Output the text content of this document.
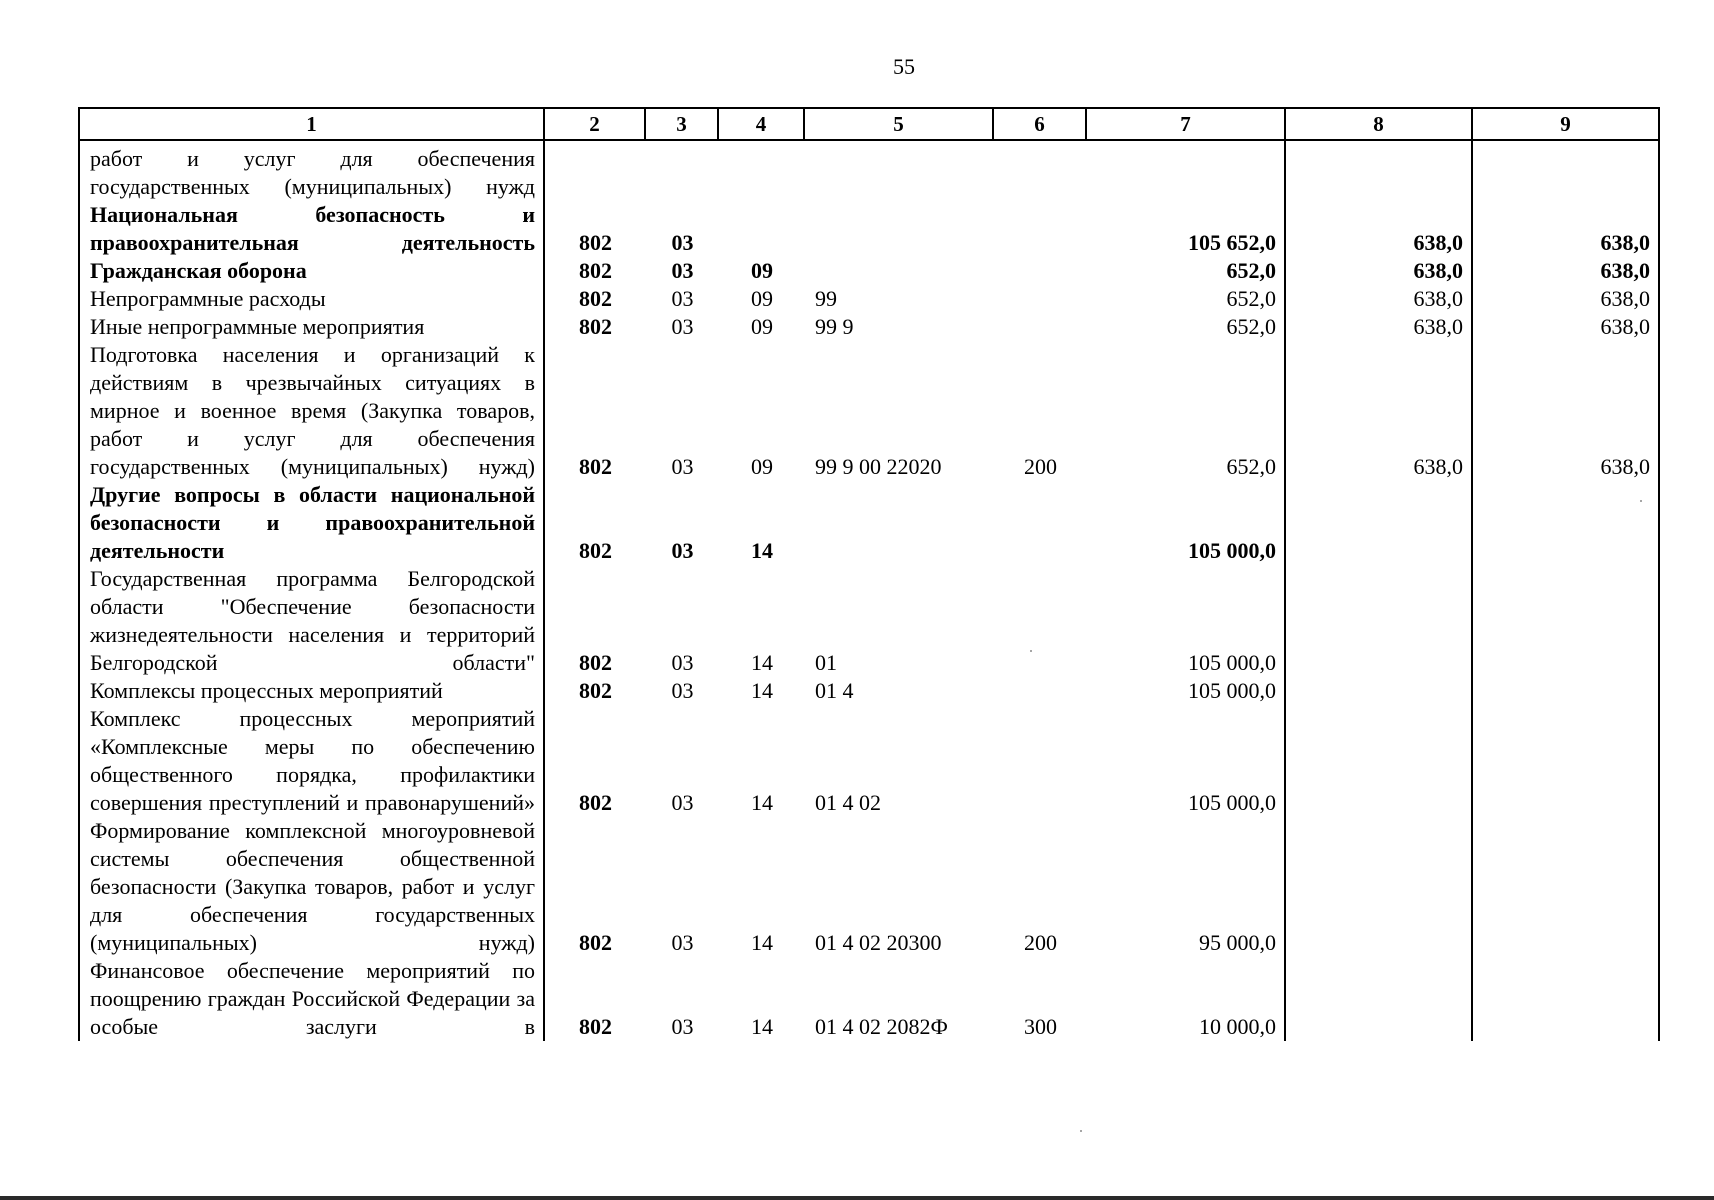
55
1	2	3	4	5	6	7	8	9
работ и услуг для обеспечения государственных (муниципальных) нужд								
Национальная безопасность и правоохранительная деятельность	802	03				105 652,0	638,0	638,0
Гражданская оборона	802	03	09			652,0	638,0	638,0
Непрограммные расходы	802	03	09	99		652,0	638,0	638,0
Иные непрограммные мероприятия	802	03	09	99 9		652,0	638,0	638,0
Подготовка населения и организаций к действиям в чрезвычайных ситуациях в мирное и военное время (Закупка товаров, работ и услуг для обеспечения государственных (муниципальных) нужд)	802	03	09	99 9 00 22020	200	652,0	638,0	638,0
Другие вопросы в области национальной безопасности и правоохранительной деятельности	802	03	14			105 000,0		
Государственная программа Белгородской области "Обеспечение безопасности жизнедеятельности населения и территорий Белгородской области"	802	03	14	01		105 000,0		
Комплексы процессных мероприятий	802	03	14	01 4		105 000,0		
Комплекс процессных мероприятий «Комплексные меры по обеспечению общественного порядка, профилактики совершения преступлений и правонарушений»	802	03	14	01 4 02		105 000,0		
Формирование комплексной многоуровневой системы обеспечения общественной безопасности (Закупка товаров, работ и услуг для обеспечения государственных (муниципальных) нужд)	802	03	14	01 4 02 20300	200	95 000,0		
Финансовое обеспечение мероприятий по поощрению граждан Российской Федерации за особые заслуги в	802	03	14	01 4 02 2082Ф	300	10 000,0		
